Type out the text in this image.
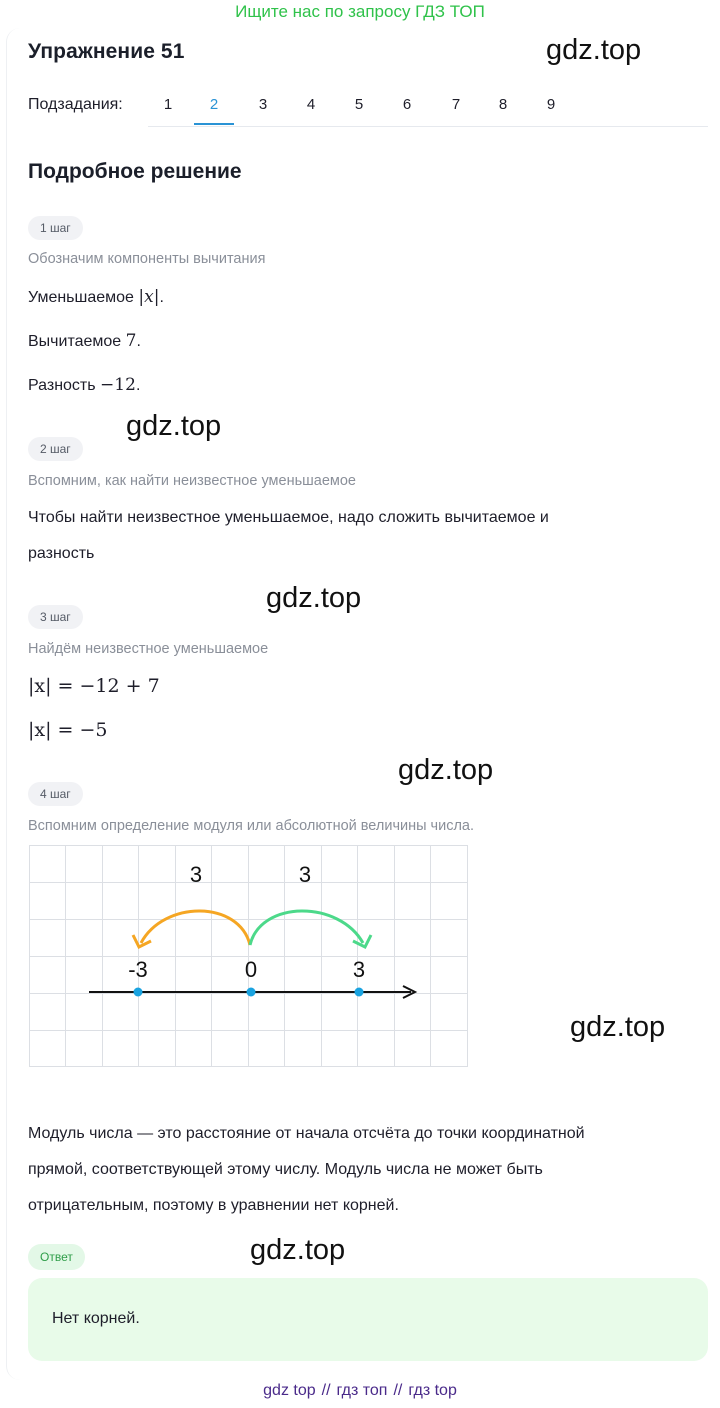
Ищите нас по запросу ГДЗ ТОП
Упражнение 51	gdz.top
gdz.top
gdz.top
gdz.top
gdz.top
gdz.top
Подзадания:	1	2	3	4	5	6	7	8	9
Подробное решение
1 шаг
Обозначим компоненты вычитания
Уменьшаемое |x|.
Вычитаемое 7.
Разность −12.
2 шаг
Вспомним, как найти неизвестное уменьшаемое
Чтобы найти неизвестное уменьшаемое, надо сложить вычитаемое и
разность
3 шаг
Найдём неизвестное уменьшаемое
|x| = −12 + 7
|x| = −5
4 шаг
Вспомним определение модуля или абсолютной величины числа.
3	3
-3	0	3
Модуль числа — это расстояние от начала отсчёта до точки координатной
прямой, соответствующей этому числу. Модуль числа не может быть
отрицательным, поэтому в уравнении нет корней.
Ответ
Нет корней.
gdz top // гдз топ // гдз top
